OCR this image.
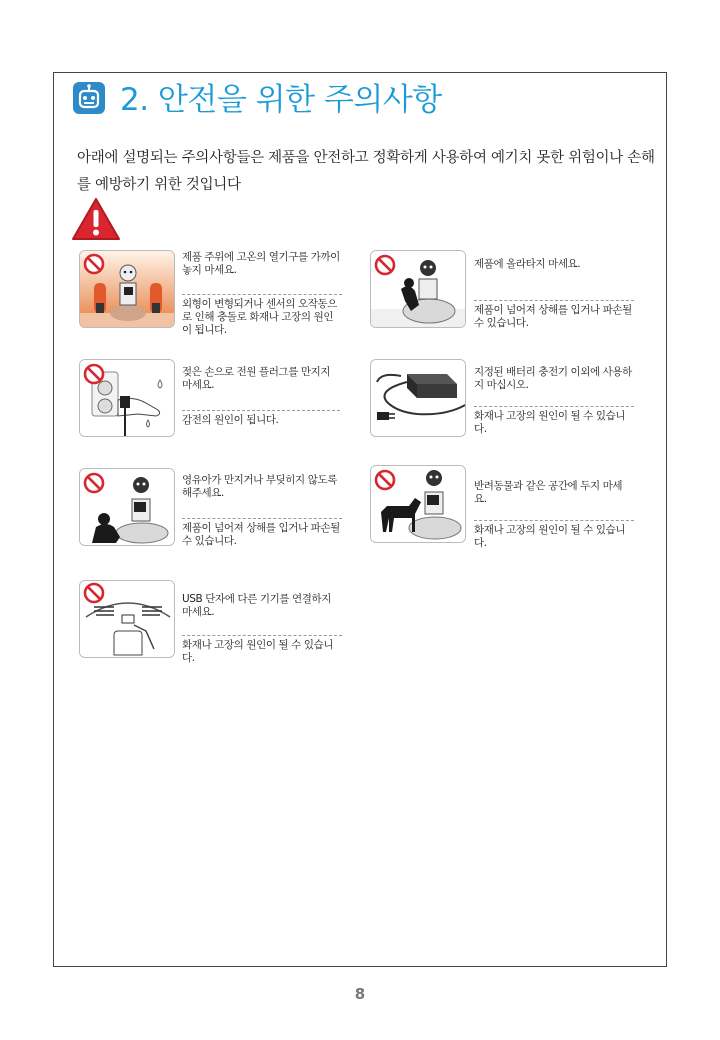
2. 안전을 위한 주의사항
아래에 설명되는 주의사항들은 제품을 안전하고 정확하게 사용하여 예기치 못한 위험이나 손해를 예방하기 위한 것입니다
제품 주위에 고온의 열기구를 가까이 놓지 마세요.
외형이 변형되거나 센서의 오작동으로 인해 충돌로 화재나 고장의 원인이 됩니다.
제품에 올라타지 마세요.
제품이 넘어져 상해를 입거나 파손될 수 있습니다.
젖은 손으로 전원 플러그를 만지지 마세요.
감전의 원인이 됩니다.
지정된 배터리 충전기 이외에 사용하지 마십시오.
화재나 고장의 원인이 될 수 있습니다.
영유아가 만지거나 부딪히지 않도록 해주세요.
제품이 넘어져 상해를 입거나 파손될 수 있습니다.
반려동물과 같은 공간에 두지 마세요.
화재나 고장의 원인이 될 수 있습니다.
USB 단자에 다른 기기를 연결하지 마세요.
화재나 고장의 원인이 될 수 있습니다.
8
